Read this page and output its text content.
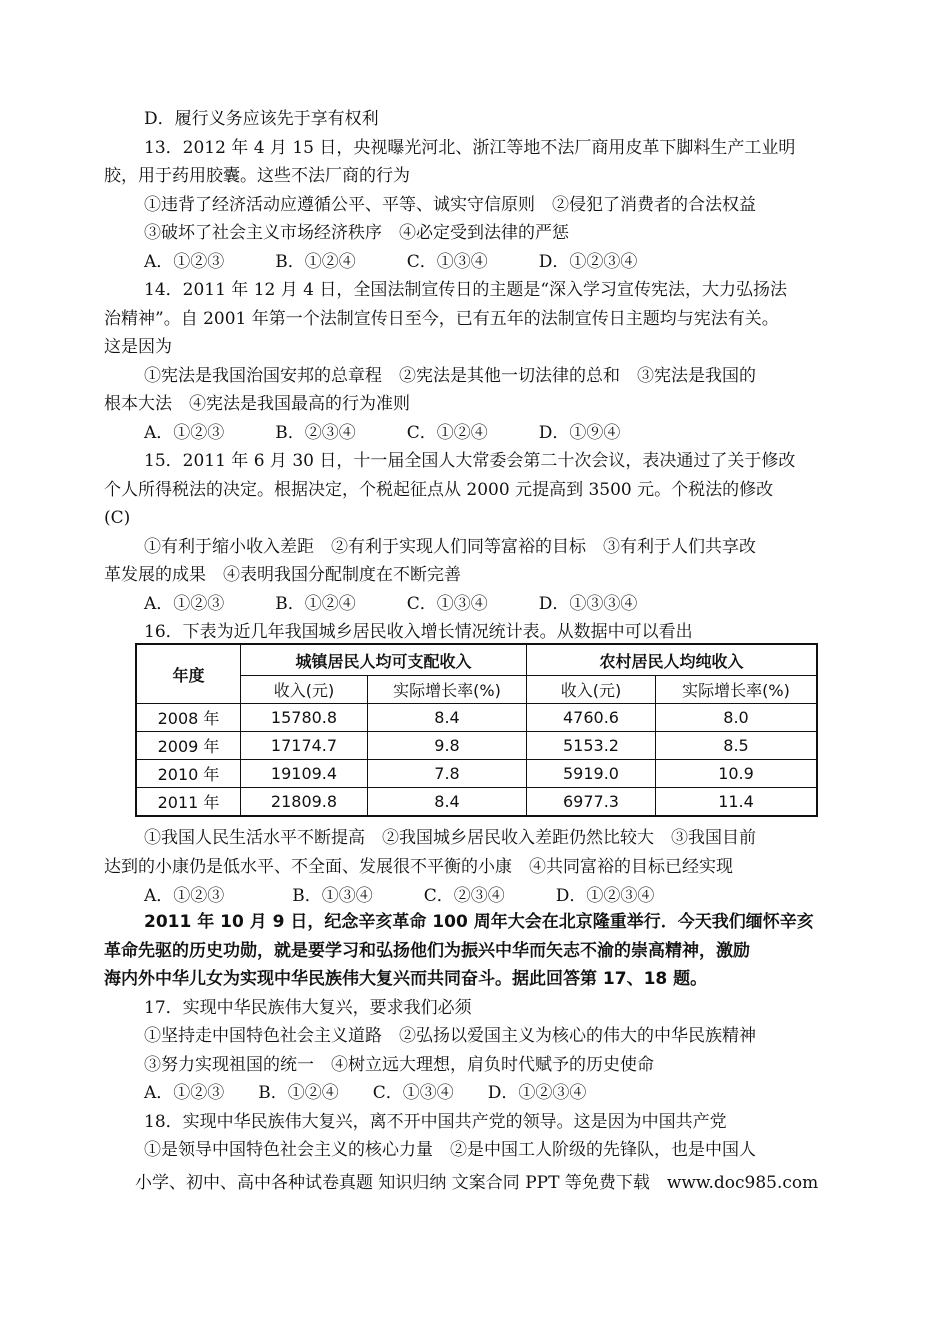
D．履行义务应该先于享有权利
13．2012 年 4 月 15 日，央视曝光河北、浙江等地不法厂商用皮革下脚料生产工业明
胶，用于药用胶囊。这些不法厂商的行为
①违背了经济活动应遵循公平、平等、诚实守信原则　②侵犯了消费者的合法权益
③破坏了社会主义市场经济秩序　④必定受到法律的严惩
A．①②③　　　B．①②④　　　C．①③④　　　D．①②③④
14．2011 年 12 月 4 日，全国法制宣传日的主题是“深入学习宣传宪法，大力弘扬法
治精神”。自 2001 年第一个法制宣传日至今，已有五年的法制宣传日主题均与宪法有关。
这是因为
①宪法是我国治国安邦的总章程　②宪法是其他一切法律的总和　③宪法是我国的
根本大法　④宪法是我国最高的行为准则
A．①②③　　　B．②③④　　　C．①②④　　　D．①⑨④
15．2011 年 6 月 30 日，十一届全国人大常委会第二十次会议，表决通过了关于修改
个人所得税法的决定。根据决定，个税起征点从 2000 元提高到 3500 元。个税法的修改
(C)
①有利于缩小收入差距　②有利于实现人们同等富裕的目标　③有利于人们共享改
革发展的成果　④表明我国分配制度在不断完善
A．①②③　　　B．①②④　　　C．①③④　　　D．①③③④
16．下表为近几年我国城乡居民收入增长情况统计表。从数据中可以看出
年度	城镇居民人均可支配收入		农村居民人均纯收入	
	收入(元)	实际增长率(%)	收入(元)	实际增长率(%)
2008 年	15780.8	8.4	4760.6	8.0
2009 年	17174.7	9.8	5153.2	8.5
2010 年	19109.4	7.8	5919.0	10.9
2011 年	21809.8	8.4	6977.3	11.4
①我国人民生活水平不断提高　②我国城乡居民收入差距仍然比较大　③我国目前
达到的小康仍是低水平、不全面、发展很不平衡的小康　④共同富裕的目标已经实现
A．①②③　　　　B．①③④　　　C．②③④　　　D．①②③④
2011 年 10 月 9 日，纪念辛亥革命 100 周年大会在北京隆重举行．今天我们缅怀辛亥
革命先驱的历史功勋，就是要学习和弘扬他们为振兴中华而矢志不渝的崇高精神，激励
海内外中华儿女为实现中华民族伟大复兴而共同奋斗。据此回答第 17、18 题。
17．实现中华民族伟大复兴，要求我们必须
①坚持走中国特色社会主义道路　②弘扬以爱国主义为核心的伟大的中华民族精神
③努力实现祖国的统一　④树立远大理想，肩负时代赋予的历史使命
A．①②③　　B．①②④　　C．①③④　　D．①②③④
18．实现中华民族伟大复兴，离不开中国共产党的领导。这是因为中国共产党
①是领导中国特色社会主义的核心力量　②是中国工人阶级的先锋队，也是中国人
小学、初中、高中各种试卷真题 知识归纳 文案合同 PPT 等免费下载　www.doc985.com
